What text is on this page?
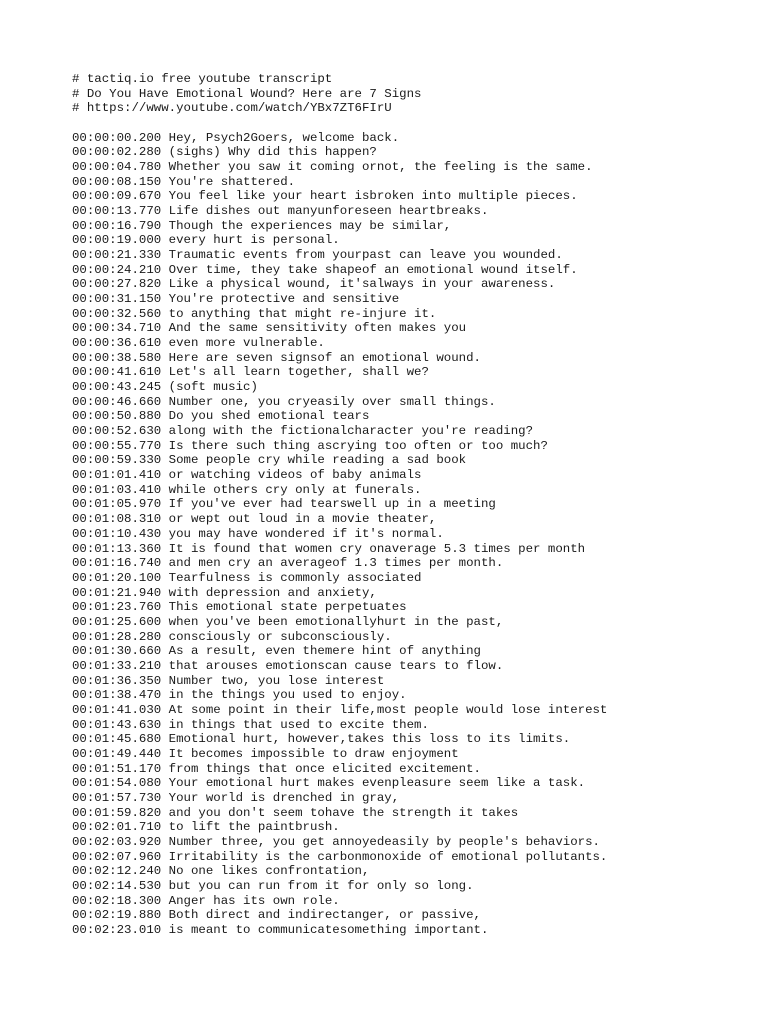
# tactiq.io free youtube transcript
# Do You Have Emotional Wound? Here are 7 Signs
# https://www.youtube.com/watch/YBx7ZT6FIrU
00:00:00.200 Hey, Psych2Goers, welcome back.
00:00:02.280 (sighs) Why did this happen?
00:00:04.780 Whether you saw it coming ornot, the feeling is the same.
00:00:08.150 You're shattered.
00:00:09.670 You feel like your heart isbroken into multiple pieces.
00:00:13.770 Life dishes out manyunforeseen heartbreaks.
00:00:16.790 Though the experiences may be similar,
00:00:19.000 every hurt is personal.
00:00:21.330 Traumatic events from yourpast can leave you wounded.
00:00:24.210 Over time, they take shapeof an emotional wound itself.
00:00:27.820 Like a physical wound, it'salways in your awareness.
00:00:31.150 You're protective and sensitive
00:00:32.560 to anything that might re-injure it.
00:00:34.710 And the same sensitivity often makes you
00:00:36.610 even more vulnerable.
00:00:38.580 Here are seven signsof an emotional wound.
00:00:41.610 Let's all learn together, shall we?
00:00:43.245 (soft music)
00:00:46.660 Number one, you cryeasily over small things.
00:00:50.880 Do you shed emotional tears
00:00:52.630 along with the fictionalcharacter you're reading?
00:00:55.770 Is there such thing ascrying too often or too much?
00:00:59.330 Some people cry while reading a sad book
00:01:01.410 or watching videos of baby animals
00:01:03.410 while others cry only at funerals.
00:01:05.970 If you've ever had tearswell up in a meeting
00:01:08.310 or wept out loud in a movie theater,
00:01:10.430 you may have wondered if it's normal.
00:01:13.360 It is found that women cry onaverage 5.3 times per month
00:01:16.740 and men cry an averageof 1.3 times per month.
00:01:20.100 Tearfulness is commonly associated
00:01:21.940 with depression and anxiety,
00:01:23.760 This emotional state perpetuates
00:01:25.600 when you've been emotionallyhurt in the past,
00:01:28.280 consciously or subconsciously.
00:01:30.660 As a result, even themere hint of anything
00:01:33.210 that arouses emotionscan cause tears to flow.
00:01:36.350 Number two, you lose interest
00:01:38.470 in the things you used to enjoy.
00:01:41.030 At some point in their life,most people would lose interest
00:01:43.630 in things that used to excite them.
00:01:45.680 Emotional hurt, however,takes this loss to its limits.
00:01:49.440 It becomes impossible to draw enjoyment
00:01:51.170 from things that once elicited excitement.
00:01:54.080 Your emotional hurt makes evenpleasure seem like a task.
00:01:57.730 Your world is drenched in gray,
00:01:59.820 and you don't seem tohave the strength it takes
00:02:01.710 to lift the paintbrush.
00:02:03.920 Number three, you get annoyedeasily by people's behaviors.
00:02:07.960 Irritability is the carbonmonoxide of emotional pollutants.
00:02:12.240 No one likes confrontation,
00:02:14.530 but you can run from it for only so long.
00:02:18.300 Anger has its own role.
00:02:19.880 Both direct and indirectanger, or passive,
00:02:23.010 is meant to communicatesomething important.
